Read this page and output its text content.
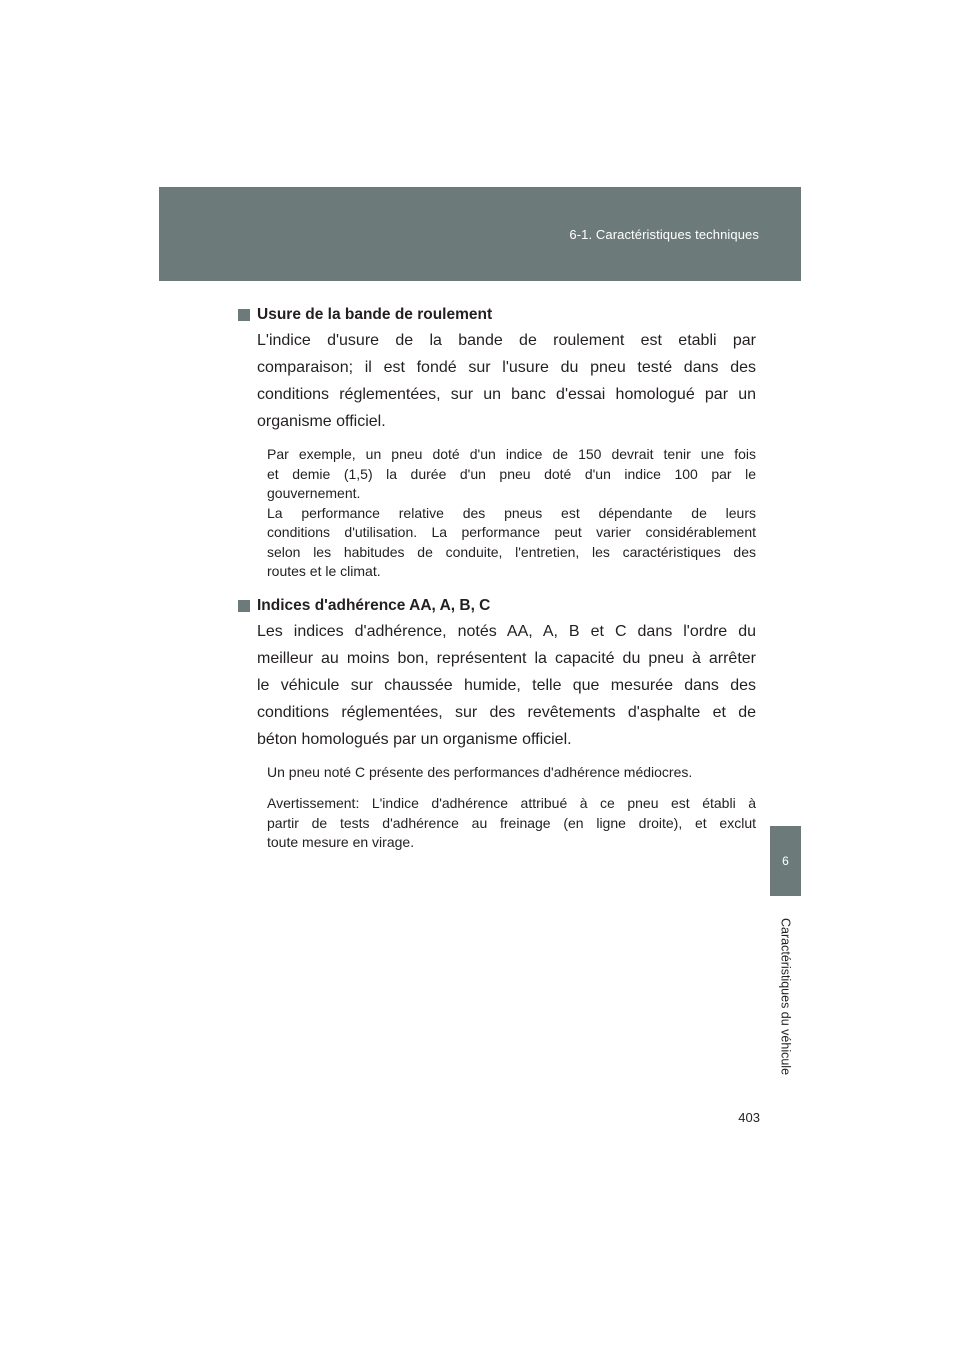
6-1. Caractéristiques techniques
6
Caractéristiques du véhicule
Usure de la bande de roulement
L'indice d'usure de la bande de roulement est etabli par
comparaison; il est fondé sur l'usure du pneu testé dans des
conditions réglementées, sur un banc d'essai homologué par un
organisme officiel.
Par exemple, un pneu doté d'un indice de 150 devrait tenir une fois
et demie (1,5) la durée d'un pneu doté d'un indice 100 par le
gouvernement.
La performance relative des pneus est dépendante de leurs
conditions d'utilisation. La performance peut varier considérablement
selon les habitudes de conduite, l'entretien, les caractéristiques des
routes et le climat.
Indices d'adhérence AA, A, B, C
Les indices d'adhérence, notés AA, A, B et C dans l'ordre du
meilleur au moins bon, représentent la capacité du pneu à arrêter
le véhicule sur chaussée humide, telle que mesurée dans des
conditions réglementées, sur des revêtements d'asphalte et de
béton homologués par un organisme officiel.
Un pneu noté C présente des performances d'adhérence médiocres.
Avertissement: L'indice d'adhérence attribué à ce pneu est établi à
partir de tests d'adhérence au freinage (en ligne droite), et exclut
toute mesure en virage.
403
